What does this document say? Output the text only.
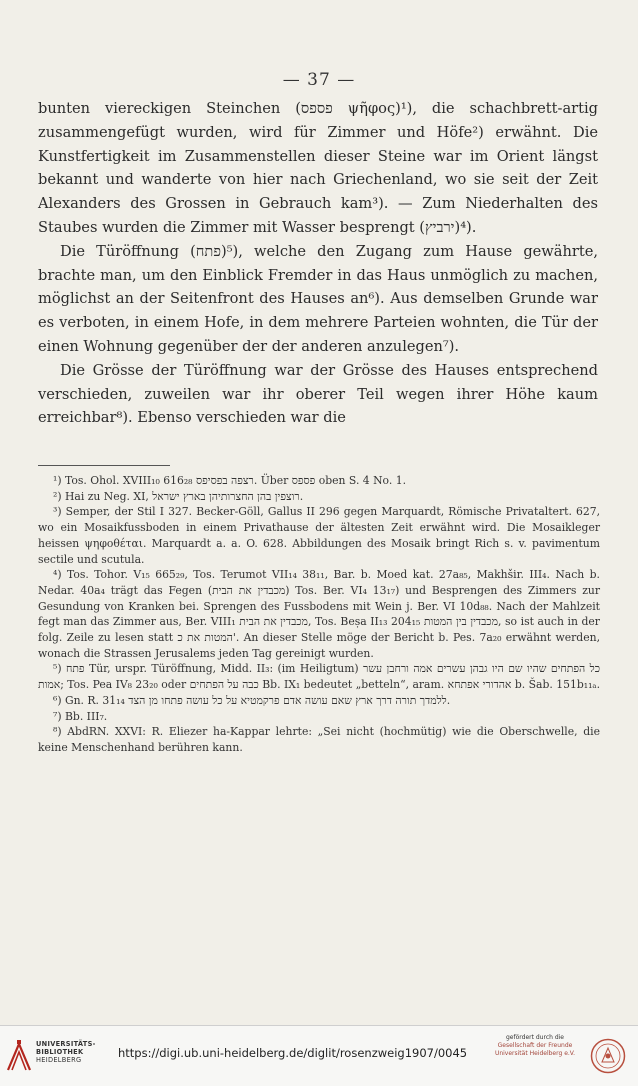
— 37 —

bunten viereckigen Steinchen (פספס ψῆφος)¹), die schachbrett-artig zusammengefügt wurden, wird für Zimmer und Höfe²) erwähnt. Die Kunstfertigkeit im Zusammenstellen dieser Steine war im Orient längst bekannt und wanderte von hier nach Griechenland, wo sie seit der Zeit Alexanders des Grossen in Gebrauch kam³). — Zum Niederhalten des Staubes wurden die Zimmer mit Wasser besprengt (ירביץ)⁴).

Die Türöffnung (פתח)⁵), welche den Zugang zum Hause gewährte, brachte man, um den Einblick Fremder in das Haus unmöglich zu machen, möglichst an der Seitenfront des Hauses an⁶). Aus demselben Grunde war es verboten, in einem Hofe, in dem mehrere Parteien wohnten, die Tür der einen Wohnung gegenüber der der anderen anzulegen⁷).

Die Grösse der Türöffnung war der Grösse des Hauses entsprechend verschieden, zuweilen war ihr oberer Teil wegen ihrer Höhe kaum erreichbar⁸). Ebenso verschieden war die

¹) Tos. Ohol. XVIII₁₀ 616₂₈ רצפה בפסיפס. Über פספס oben S. 4 No. 1.

²) Hai zu Neg. XI, רוצפין בהן החצרותיהן בארץ ישראל.

³) Semper, der Stil I 327. Becker-Göll, Gallus II 296 gegen Marquardt, Römische Privataltert. 627, wo ein Mosaikfussboden in einem Privathause der ältesten Zeit erwähnt wird. Die Mosaikleger heissen ψηφοθέται. Marquardt a. a. O. 628. Abbildungen des Mosaik bringt Rich s. v. pavimentum sectile und scutula.

⁴) Tos. Tohor. V₁₅ 665₂₉, Tos. Terumot VII₁₄ 38₁₁, Bar. b. Moed kat. 27a₈₅, Makhšir. III₄. Nach b. Nedar. 40a₄ trägt das Fegen (מכבדין את הבית) Tos. Ber. VI₄ 13₁₇) und Besprengen des Zimmers zur Gesundung von Kranken bei. Sprengen des Fussbodens mit Wein j. Ber. VI 10d₈₈. Nach der Mahlzeit fegt man das Zimmer aus, Ber. VIII₁ מכבדין את הבית, Tos. Beṣa II₁₃ 204₁₅ מכבדין בין המטות, so ist auch in der folg. Zeile zu lesen statt המטות את כ'. An dieser Stelle möge der Bericht b. Pes. 7a₂₀ erwähnt werden, wonach die Strassen Jerusalems jeden Tag gereinigt wurden.

⁵) פתח Tür, urspr. Türöffnung, Midd. II₃: (im Heiligtum) כל הפתחים שהיו שם היו גבהן עשרים אמה ורחבן עשר אמות; Tos. Pea IV₈ 23₂₀ oder כבה על הפתחים Bb. IX₁ bedeutet „betteln“, aram. אהדורי אפתחא b. Šab. 151b₁₁ₐ.

⁶) Gn. R. 31₁₄ ללמדך תורה דרך ארץ שאם עושה אדם פרקמטיא על כל עושה פתחו מן הצד.

⁷) Bb. III₇.

⁸) AbdRN. XXVI: R. Eliezer ha-Kappar lehrte: „Sei nicht (hochmütig) wie die Oberschwelle, die keine Menschenhand berühren kann.

UNIVERSITÄTS-
BIBLIOTHEK
HEIDELBERG	https://digi.ub.uni-heidelberg.de/diglit/rosenzweig1907/0045
gefördert durch die
Gesellschaft der Freunde
Universität Heidelberg e.V.
